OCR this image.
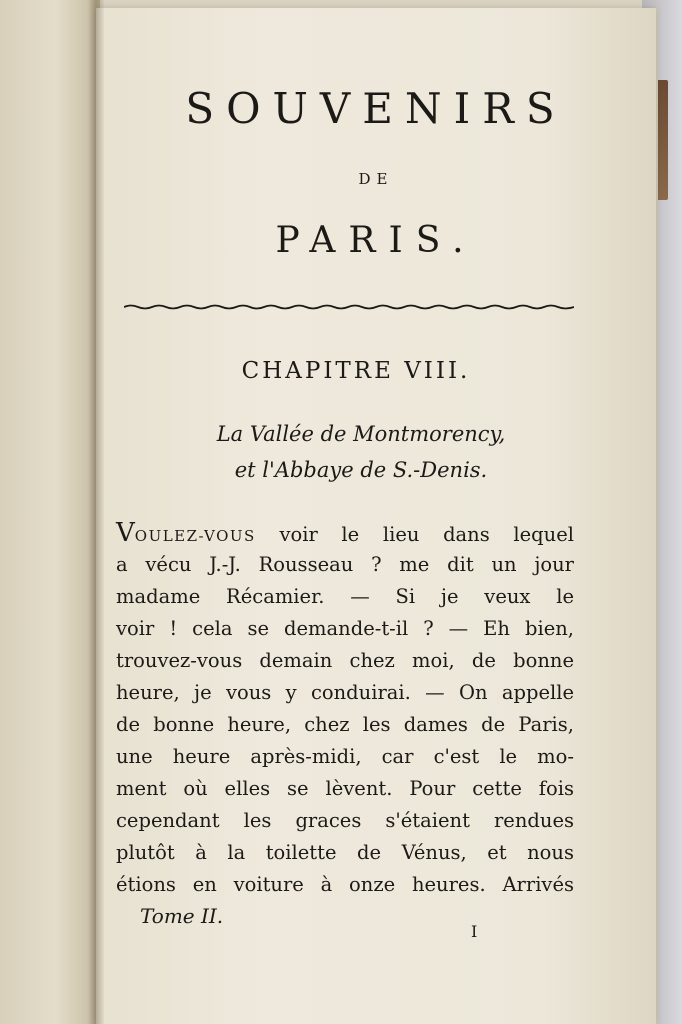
SOUVENIRS
DE
PARIS.
CHAPITRE VIII.
La Vallée de Montmorency,
et l'Abbaye de S.-Denis.
VOULEZ-VOUS voir le lieu dans lequel
a vécu J.-J. Rousseau ? me dit un jour
madame Récamier. — Si je veux le
voir ! cela se demande-t-il ? — Eh bien,
trouvez-vous demain chez moi, de bonne
heure, je vous y conduirai. — On appelle
de bonne heure, chez les dames de Paris,
une heure après-midi, car c'est le mo-
ment où elles se lèvent. Pour cette fois
cependant les graces s'étaient rendues
plutôt à la toilette de Vénus, et nous
étions en voiture à onze heures. Arrivés
Tome II.
I
